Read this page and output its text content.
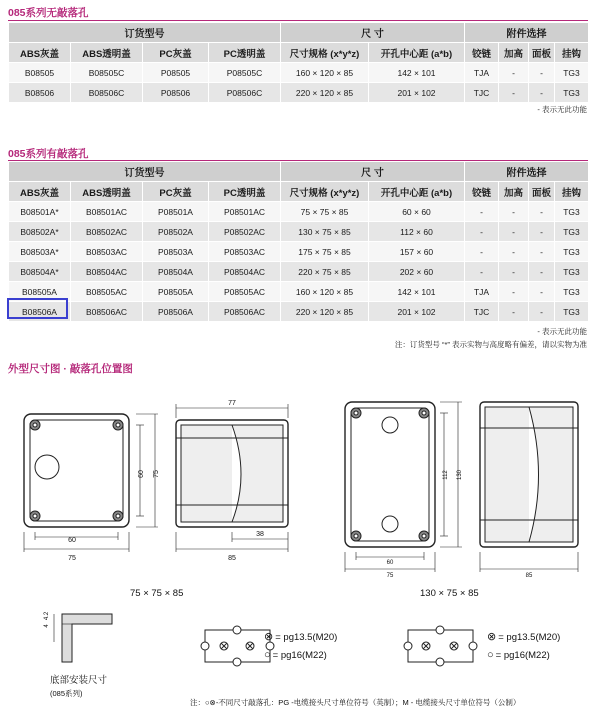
085系列无敲落孔
订货型号				尺 寸		附件选择			
ABS灰盖	ABS透明盖	PC灰盖	PC透明盖	尺寸规格 (x*y*z)	开孔中心距 (a*b)	铰链	加高	面板	挂钩
B08505	B08505C	P08505	P08505C	160 × 120 × 85	142 × 101	TJA	-	-	TG3
B08506	B08506C	P08506	P08506C	220 × 120 × 85	201 × 102	TJC	-	-	TG3
- 表示无此功能
085系列有敲落孔
订货型号				尺 寸		附件选择			
ABS灰盖	ABS透明盖	PC灰盖	PC透明盖	尺寸规格 (x*y*z)	开孔中心距 (a*b)	铰链	加高	面板	挂钩
B08501A*	B08501AC	P08501A	P08501AC	75 × 75 × 85	60 × 60	-	-	-	TG3
B08502A*	B08502AC	P08502A	P08502AC	130 × 75 × 85	112 × 60	-	-	-	TG3
B08503A*	B08503AC	P08503A	P08503AC	175 × 75 × 85	157 × 60	-	-	-	TG3
B08504A*	B08504AC	P08504A	P08504AC	220 × 75 × 85	202 × 60	-	-	-	TG3
B08505A	B08505AC	P08505A	P08505AC	160 × 120 × 85	142 × 101	TJA	-	-	TG3
B08506A	B08506AC	P08506A	P08506AC	220 × 120 × 85	201 × 102	TJC	-	-	TG3
- 表示无此功能
注：订货型号 “*” 表示实物与高度略有偏差，请以实物为准
外型尺寸图 · 敲落孔位置图
60
75
60 75
77
38
85
60
75
112 130
85
4
4.2
75 × 75 × 85	130 × 75 × 85
底部安装尺寸
(085系列)
⊗ = pg13.5(M20)
○ = pg16(M22)
⊗ = pg13.5(M20)
○ = pg16(M22)
注：○⊗-不同尺寸敲落孔：PG -电缆接头尺寸单位符号（英制）；M - 电缆接头尺寸单位符号（公制）
